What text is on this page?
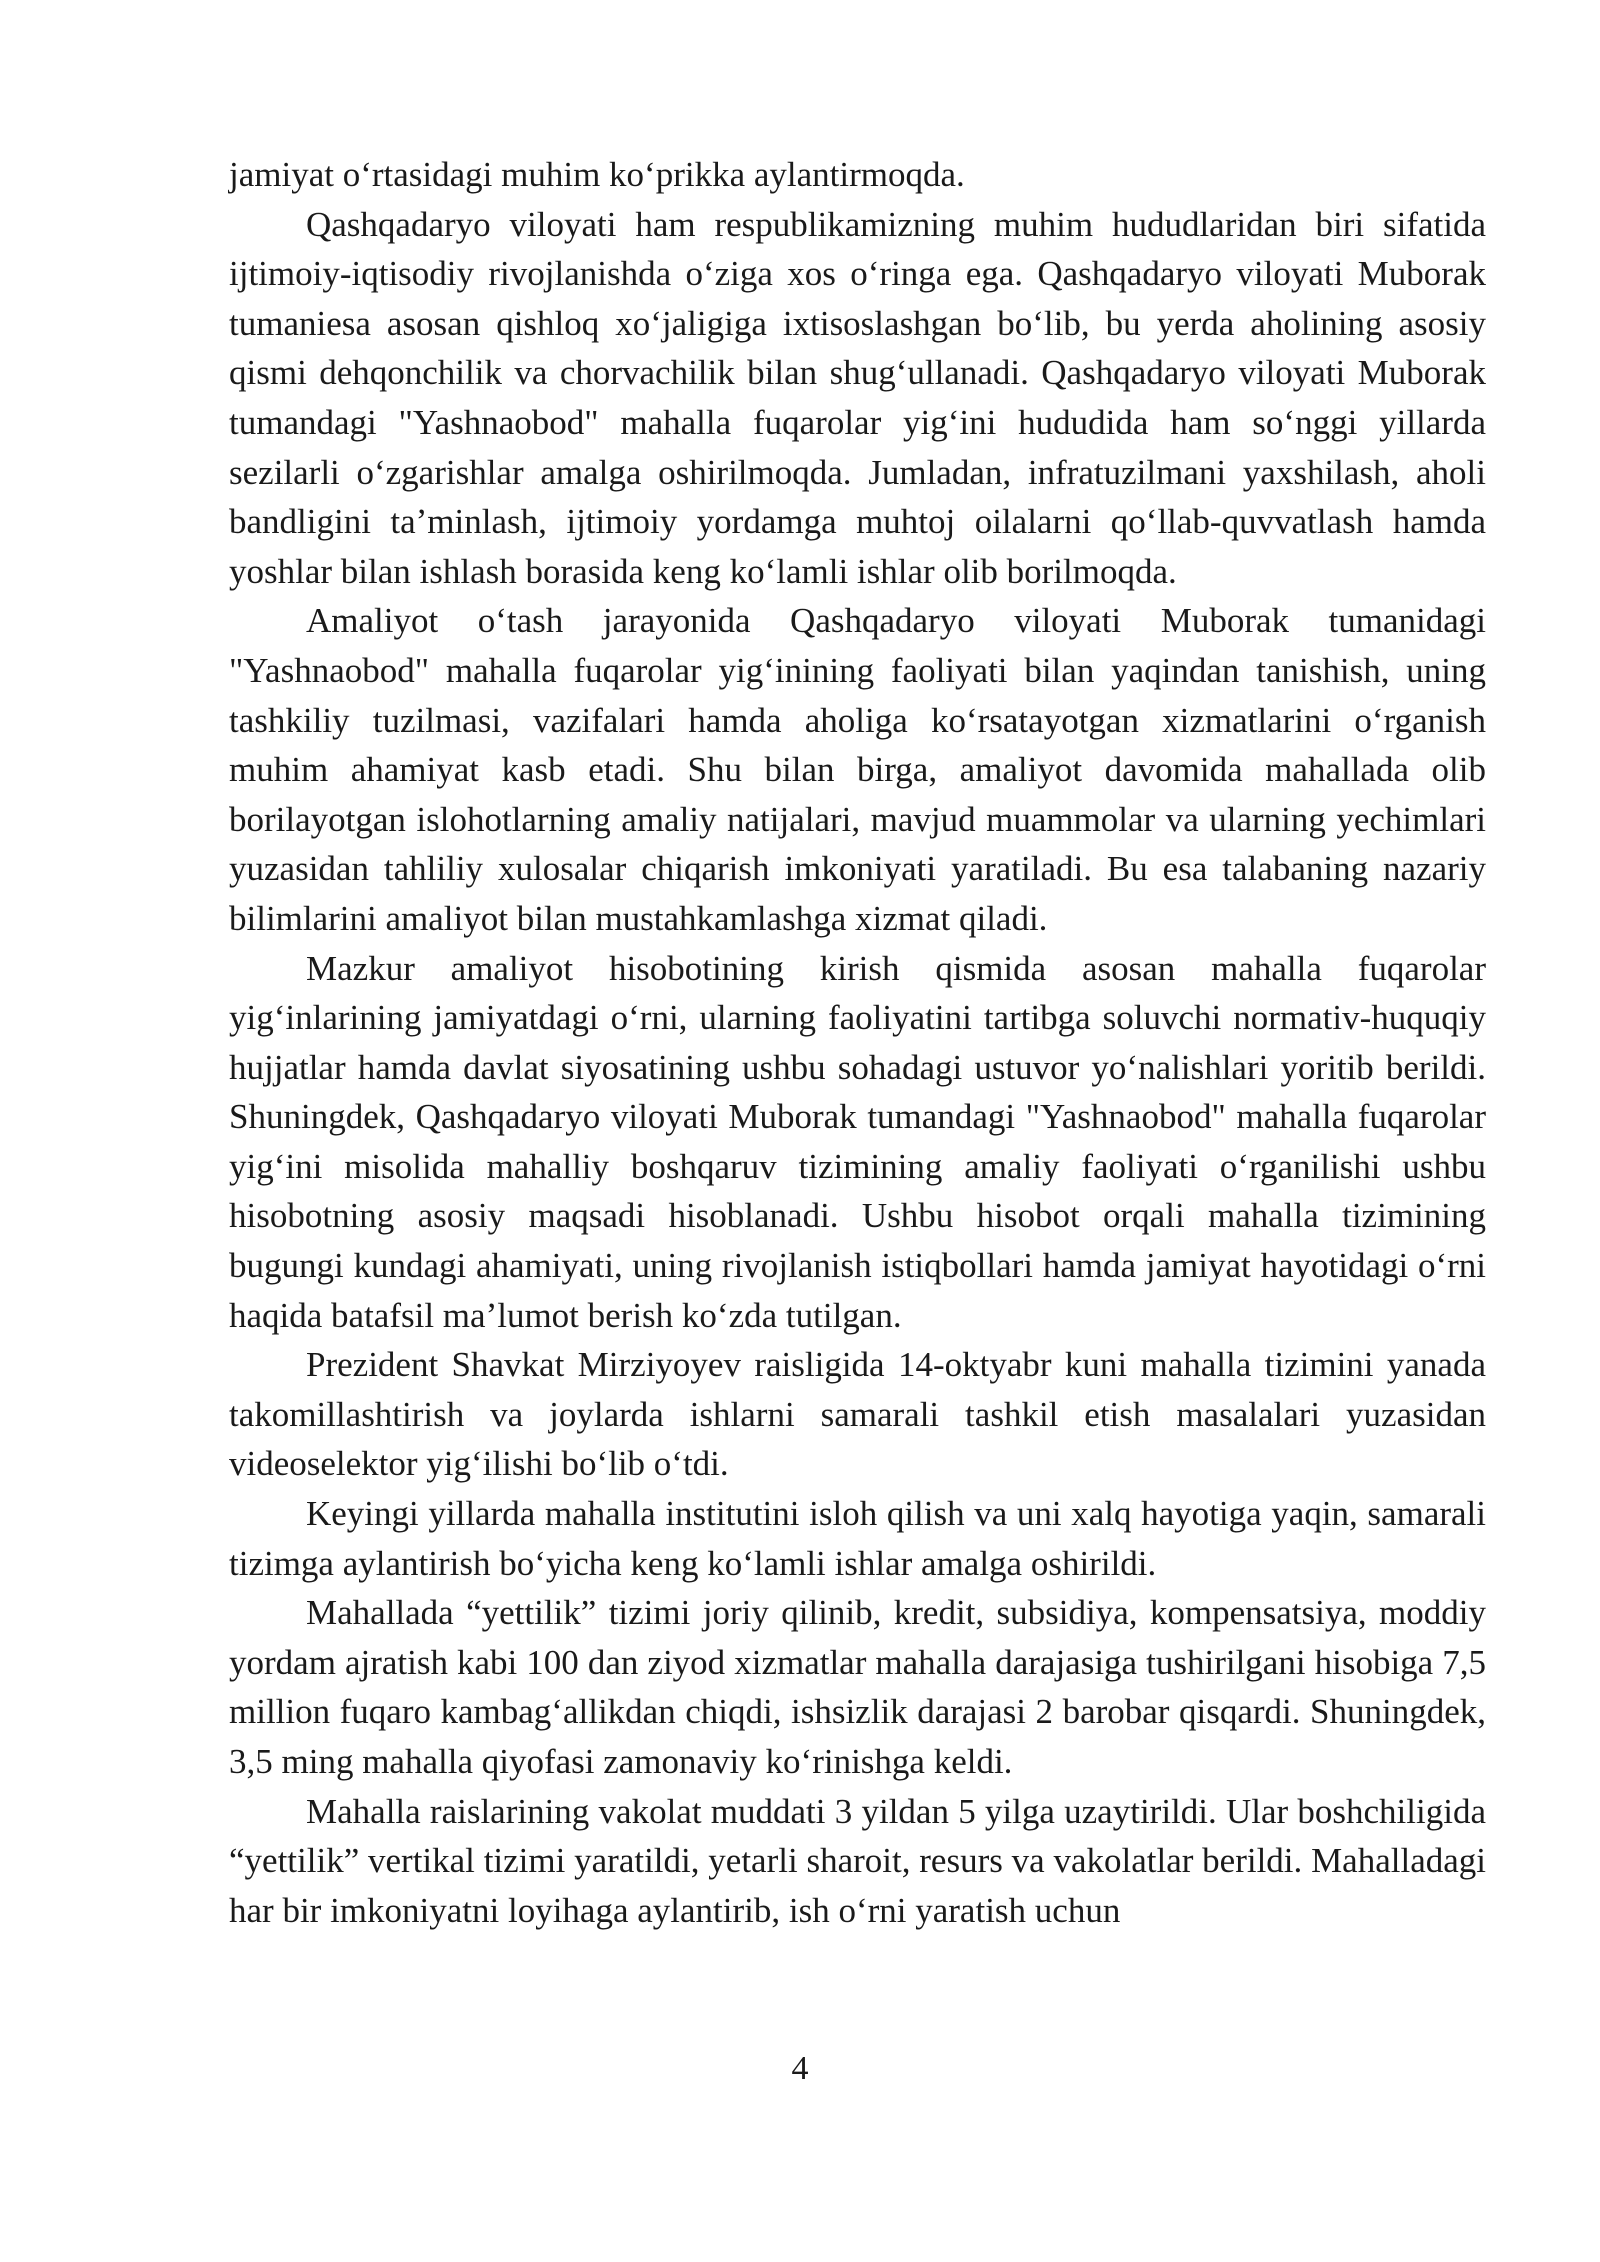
jamiyat oʻrtasidagi muhim koʻprikka aylantirmoqda.

Qashqadaryo viloyati ham respublikamizning muhim hududlaridan biri sifatida ijtimoiy-iqtisodiy rivojlanishda oʻziga xos oʻringa ega. Qashqadaryo viloyati Muborak tumaniesa asosan qishloq xoʻjaligiga ixtisoslashgan boʻlib, bu yerda aholining asosiy qismi dehqonchilik va chorvachilik bilan shugʻullanadi. Qashqadaryo viloyati Muborak tumandagi "Yashnaobod" mahalla fuqarolar yigʻini hududida ham soʻnggi yillarda sezilarli oʻzgarishlar amalga oshirilmoqda. Jumladan, infratuzilmani yaxshilash, aholi bandligini taʼminlash, ijtimoiy yordamga muhtoj oilalarni qoʻllab-quvvatlash hamda yoshlar bilan ishlash borasida keng koʻlamli ishlar olib borilmoqda.

Amaliyot oʻtash jarayonida Qashqadaryo viloyati Muborak tumanidagi "Yashnaobod" mahalla fuqarolar yigʻinining faoliyati bilan yaqindan tanishish, uning tashkiliy tuzilmasi, vazifalari hamda aholiga koʻrsatayotgan xizmatlarini oʻrganish muhim ahamiyat kasb etadi. Shu bilan birga, amaliyot davomida mahallada olib borilayotgan islohotlarning amaliy natijalari, mavjud muammolar va ularning yechimlari yuzasidan tahliliy xulosalar chiqarish imkoniyati yaratiladi. Bu esa talabaning nazariy bilimlarini amaliyot bilan mustahkamlashga xizmat qiladi.

Mazkur amaliyot hisobotining kirish qismida asosan mahalla fuqarolar yigʻinlarining jamiyatdagi oʻrni, ularning faoliyatini tartibga soluvchi normativ-huquqiy hujjatlar hamda davlat siyosatining ushbu sohadagi ustuvor yoʻnalishlari yoritib berildi. Shuningdek, Qashqadaryo viloyati Muborak tumandagi "Yashnaobod" mahalla fuqarolar yigʻini misolida mahalliy boshqaruv tizimining amaliy faoliyati oʻrganilishi ushbu hisobotning asosiy maqsadi hisoblanadi. Ushbu hisobot orqali mahalla tizimining bugungi kundagi ahamiyati, uning rivojlanish istiqbollari hamda jamiyat hayotidagi oʻrni haqida batafsil maʼlumot berish koʻzda tutilgan.

Prezident Shavkat Mirziyoyev raisligida 14-oktyabr kuni mahalla tizimini yanada takomillashtirish va joylarda ishlarni samarali tashkil etish masalalari yuzasidan videoselektor yigʻilishi boʻlib oʻtdi.

Keyingi yillarda mahalla institutini isloh qilish va uni xalq hayotiga yaqin, samarali tizimga aylantirish boʻyicha keng koʻlamli ishlar amalga oshirildi.

Mahallada “yettilik” tizimi joriy qilinib, kredit, subsidiya, kompensatsiya, moddiy yordam ajratish kabi 100 dan ziyod xizmatlar mahalla darajasiga tushirilgani hisobiga 7,5 million fuqaro kambagʻallikdan chiqdi, ishsizlik darajasi 2 barobar qisqardi. Shuningdek, 3,5 ming mahalla qiyofasi zamonaviy koʻrinishga keldi.

Mahalla raislarining vakolat muddati 3 yildan 5 yilga uzaytirildi. Ular boshchiligida “yettilik” vertikal tizimi yaratildi, yetarli sharoit, resurs va vakolatlar berildi. Mahalladagi har bir imkoniyatni loyihaga aylantirib, ish oʻrni yaratish uchun

4
